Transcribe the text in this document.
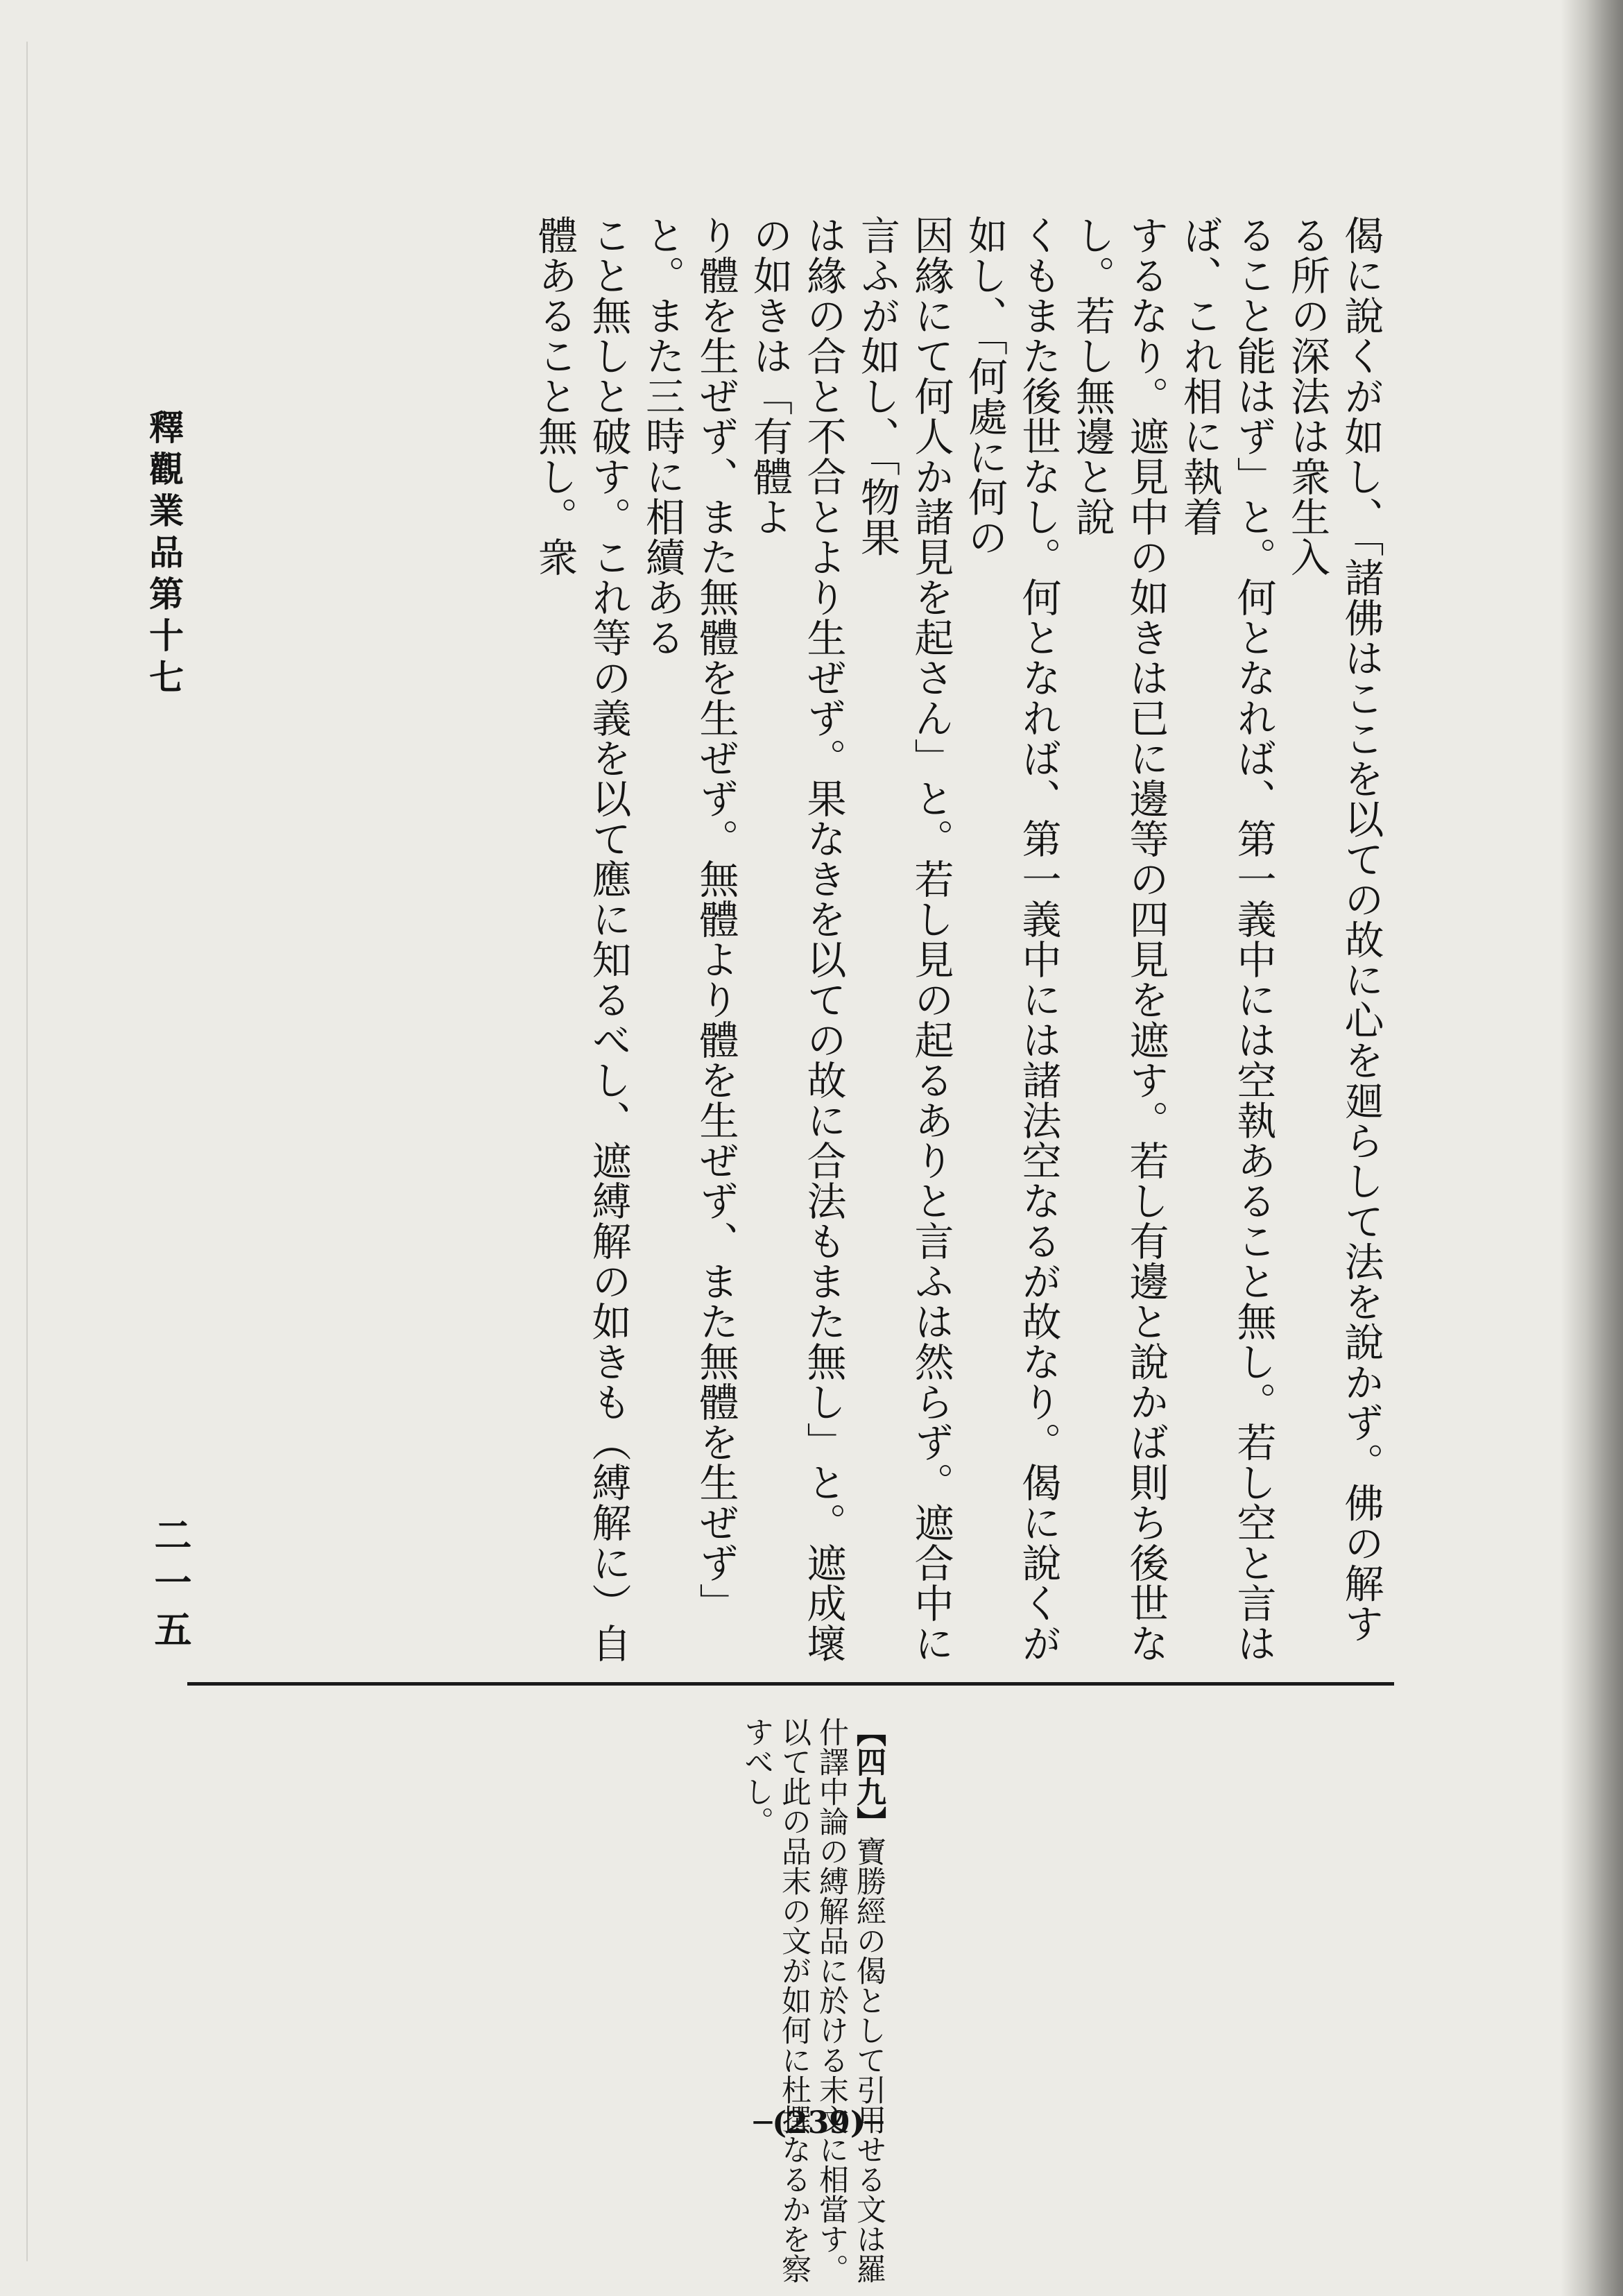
偈に說くが如し、「諸佛はここを以ての故に心を廻らして法を說かず。佛の解する所の深法は衆生入

ること能はず」と。何となれば、第一義中には空執あること無し。若し空と言はば、これ相に執着

するなり。遮見中の如きは已に邊等の四見を遮す。若し有邊と說かば則ち後世なし。若し無邊と說

くもまた後世なし。何となれば、第一義中には諸法空なるが故なり。偈に說くが如し、「何處に何の

因緣にて何人か諸見を起さん」と。若し見の起るありと言ふは然らず。遮合中に言ふが如し、「物果

は緣の合と不合とより生ぜず。果なきを以ての故に合法もまた無し」と。遮成壞の如きは「有體よ

り體を生ぜず、また無體を生ぜず。無體より體を生ぜず、また無體を生ぜず」と。また三時に相續ある

こと無しと破す。これ等の義を以て應に知るべし、遮縛解の如きも（縛解に）自體あること無し。衆

釋觀業品第十七
二一五
【四九】寶勝經の偈として引用せる文は羅什譯中論の縛解品に於ける末文に相當す。以て此の品末の文が如何に杜撰なるかを察すべし。
─(239)─
